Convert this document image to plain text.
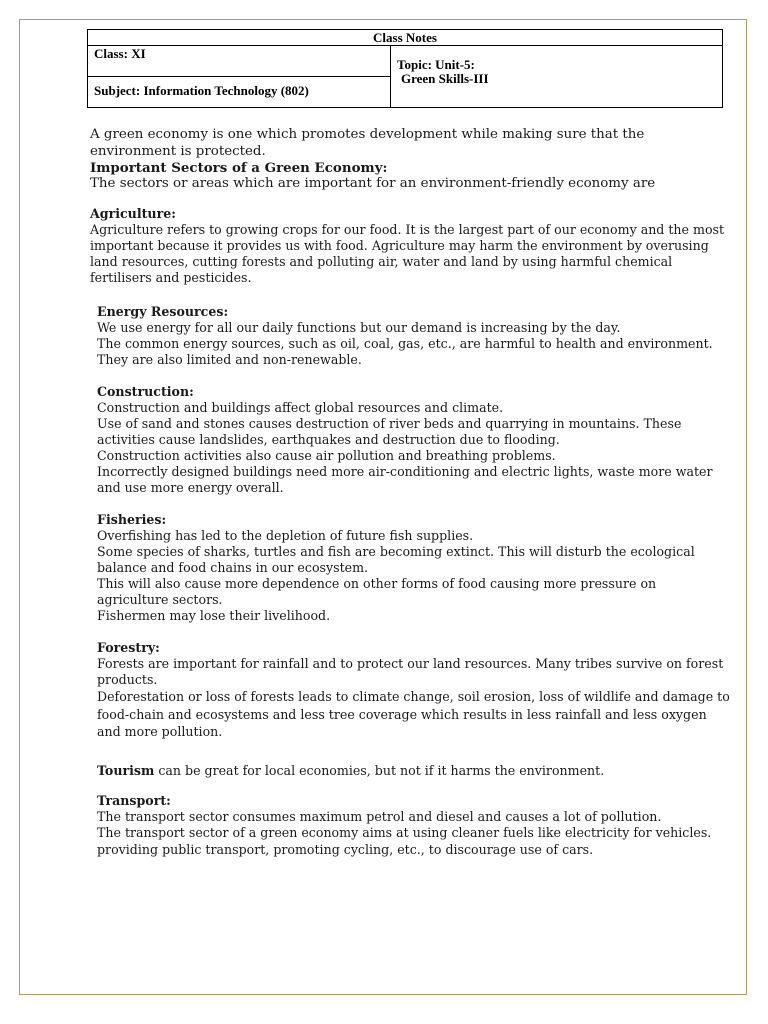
Class Notes
Class: XI	
Topic: Unit-5:
Green Skills-III

Subject: Information Technology (802)

A green economy is one which promotes development while making sure that the environment is protected.

Important Sectors of a Green Economy:

The sectors or areas which are important for an environment-friendly economy are

Agriculture:

Agriculture refers to growing crops for our food. It is the largest part of our economy and the most important because it provides us with food. Agriculture may harm the environment by overusing land resources, cutting forests and polluting air, water and land by using harmful chemical fertilisers and pesticides.

Energy Resources:

We use energy for all our daily functions but our demand is increasing by the day.

The common energy sources, such as oil, coal, gas, etc., are harmful to health and environment. They are also limited and non-renewable.

Construction:

Construction and buildings affect global resources and climate.

Use of sand and stones causes destruction of river beds and quarrying in mountains. These activities cause landslides, earthquakes and destruction due to flooding.

Construction activities also cause air pollution and breathing problems.

Incorrectly designed buildings need more air-conditioning and electric lights, waste more water and use more energy overall.

Fisheries:

Overfishing has led to the depletion of future fish supplies.

Some species of sharks, turtles and fish are becoming extinct. This will disturb the ecological balance and food chains in our ecosystem.

This will also cause more dependence on other forms of food causing more pressure on agriculture sectors.

Fishermen may lose their livelihood.

Forestry:

Forests are important for rainfall and to protect our land resources. Many tribes survive on forest products.

Deforestation or loss of forests leads to climate change, soil erosion, loss of wildlife and damage to food-chain and ecosystems and less tree coverage which results in less rainfall and less oxygen and more pollution.

Tourism can be great for local economies, but not if it harms the environment.

Transport:

The transport sector consumes maximum petrol and diesel and causes a lot of pollution.

The transport sector of a green economy aims at using cleaner fuels like electricity for vehicles.

providing public transport, promoting cycling, etc., to discourage use of cars.
